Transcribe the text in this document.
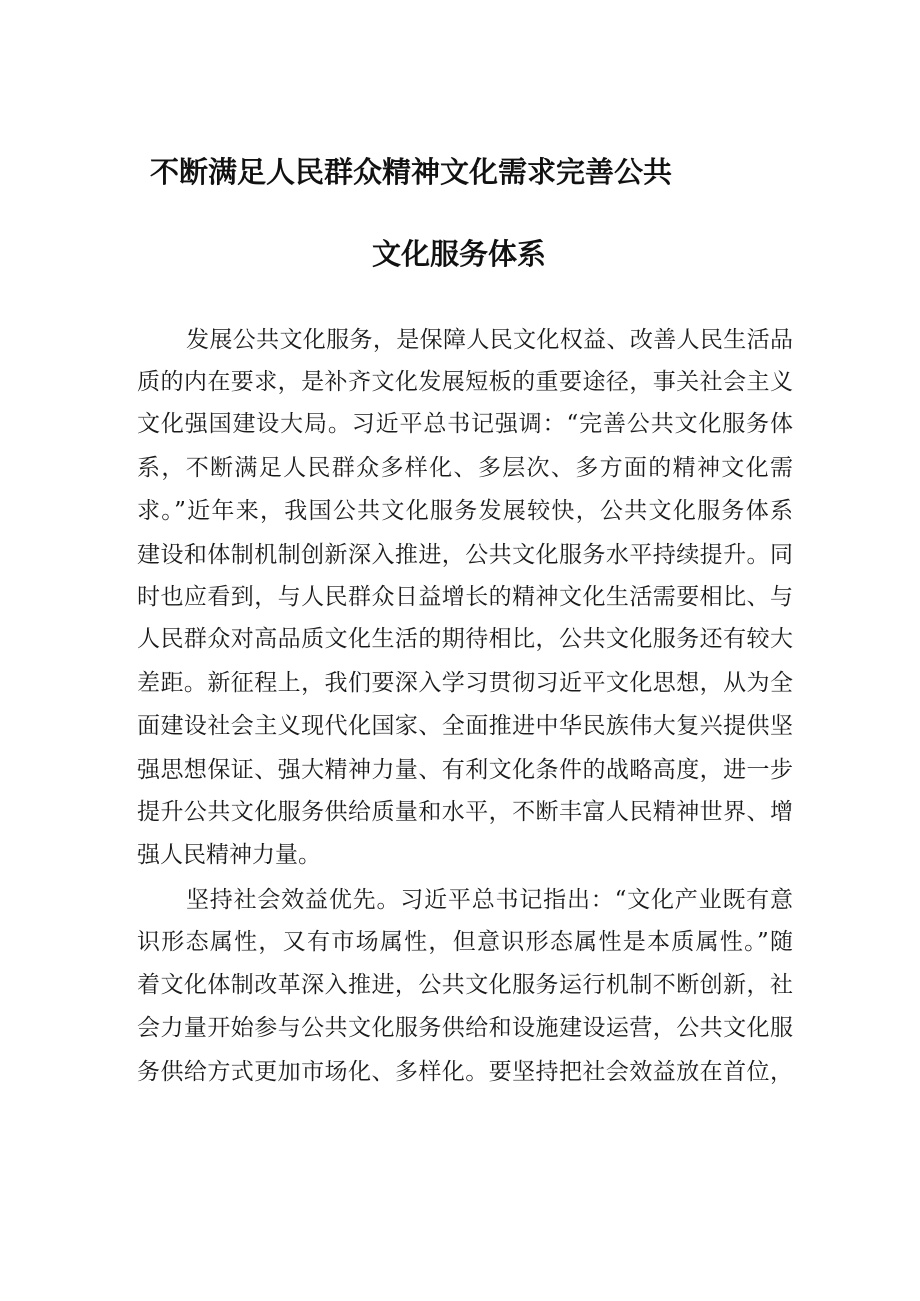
不断满足人民群众精神文化需求完善公共
文化服务体系

发展公共文化服务，是保障人民文化权益、改善人民生活品

质的内在要求，是补齐文化发展短板的重要途径，事关社会主义

文化强国建设大局。习近平总书记强调：“完善公共文化服务体

系，不断满足人民群众多样化、多层次、多方面的精神文化需

求。”近年来，我国公共文化服务发展较快，公共文化服务体系

建设和体制机制创新深入推进，公共文化服务水平持续提升。同

时也应看到，与人民群众日益增长的精神文化生活需要相比、与

人民群众对高品质文化生活的期待相比，公共文化服务还有较大

差距。新征程上，我们要深入学习贯彻习近平文化思想，从为全

面建设社会主义现代化国家、全面推进中华民族伟大复兴提供坚

强思想保证、强大精神力量、有利文化条件的战略高度，进一步

提升公共文化服务供给质量和水平，不断丰富人民精神世界、增

强人民精神力量。

坚持社会效益优先。习近平总书记指出：“文化产业既有意

识形态属性，又有市场属性，但意识形态属性是本质属性。”随

着文化体制改革深入推进，公共文化服务运行机制不断创新，社

会力量开始参与公共文化服务供给和设施建设运营，公共文化服

务供给方式更加市场化、多样化。要坚持把社会效益放在首位，
